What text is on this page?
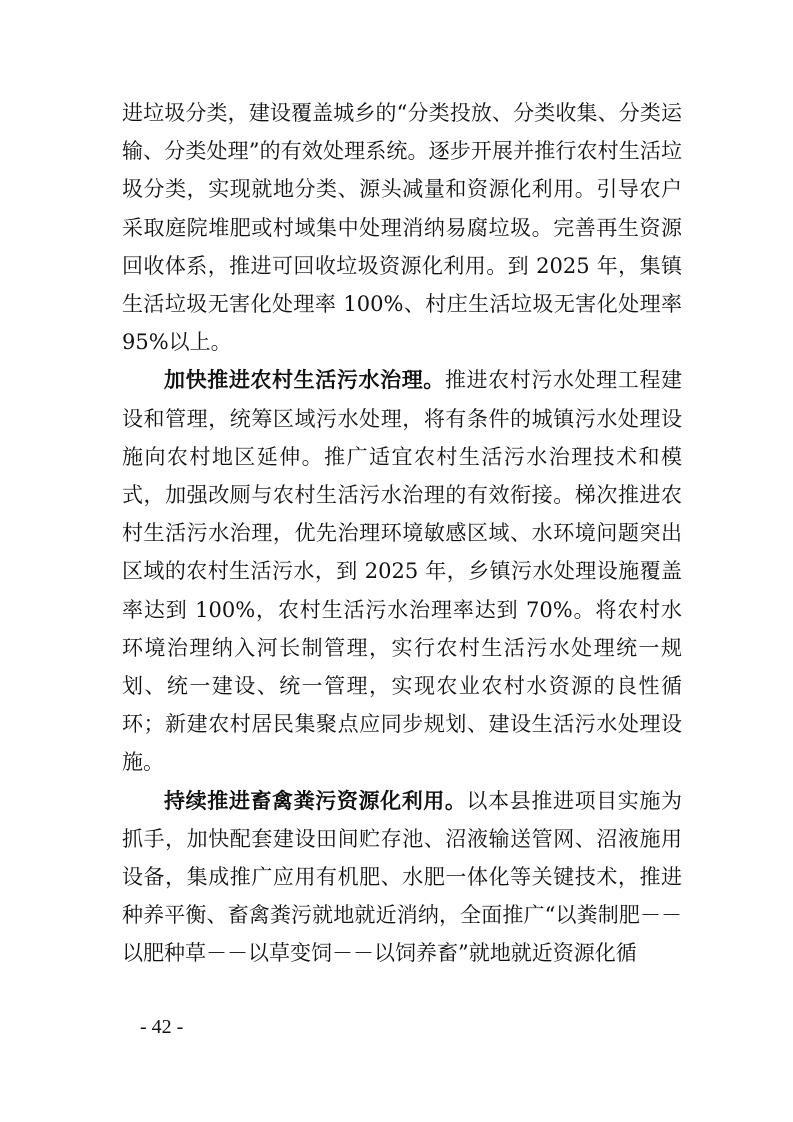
进垃圾分类，建设覆盖城乡的“分类投放、分类收集、分类运输、分类处理”的有效处理系统。逐步开展并推行农村生活垃圾分类，实现就地分类、源头减量和资源化利用。引导农户采取庭院堆肥或村域集中处理消纳易腐垃圾。完善再生资源回收体系，推进可回收垃圾资源化利用。到 2025 年，集镇生活垃圾无害化处理率 100%、村庄生活垃圾无害化处理率 95%以上。

加快推进农村生活污水治理。推进农村污水处理工程建设和管理，统筹区域污水处理，将有条件的城镇污水处理设施向农村地区延伸。推广适宜农村生活污水治理技术和模式，加强改厕与农村生活污水治理的有效衔接。梯次推进农村生活污水治理，优先治理环境敏感区域、水环境问题突出区域的农村生活污水，到 2025 年，乡镇污水处理设施覆盖率达到 100%，农村生活污水治理率达到 70%。将农村水环境治理纳入河长制管理，实行农村生活污水处理统一规划、统一建设、统一管理，实现农业农村水资源的良性循环；新建农村居民集聚点应同步规划、建设生活污水处理设施。

持续推进畜禽粪污资源化利用。以本县推进项目实施为抓手，加快配套建设田间贮存池、沼液输送管网、沼液施用设备，集成推广应用有机肥、水肥一体化等关键技术，推进种养平衡、畜禽粪污就地就近消纳，全面推广“以粪制肥－－以肥种草－－以草变饲－－以饲养畜”就地就近资源化循

- 42 -
